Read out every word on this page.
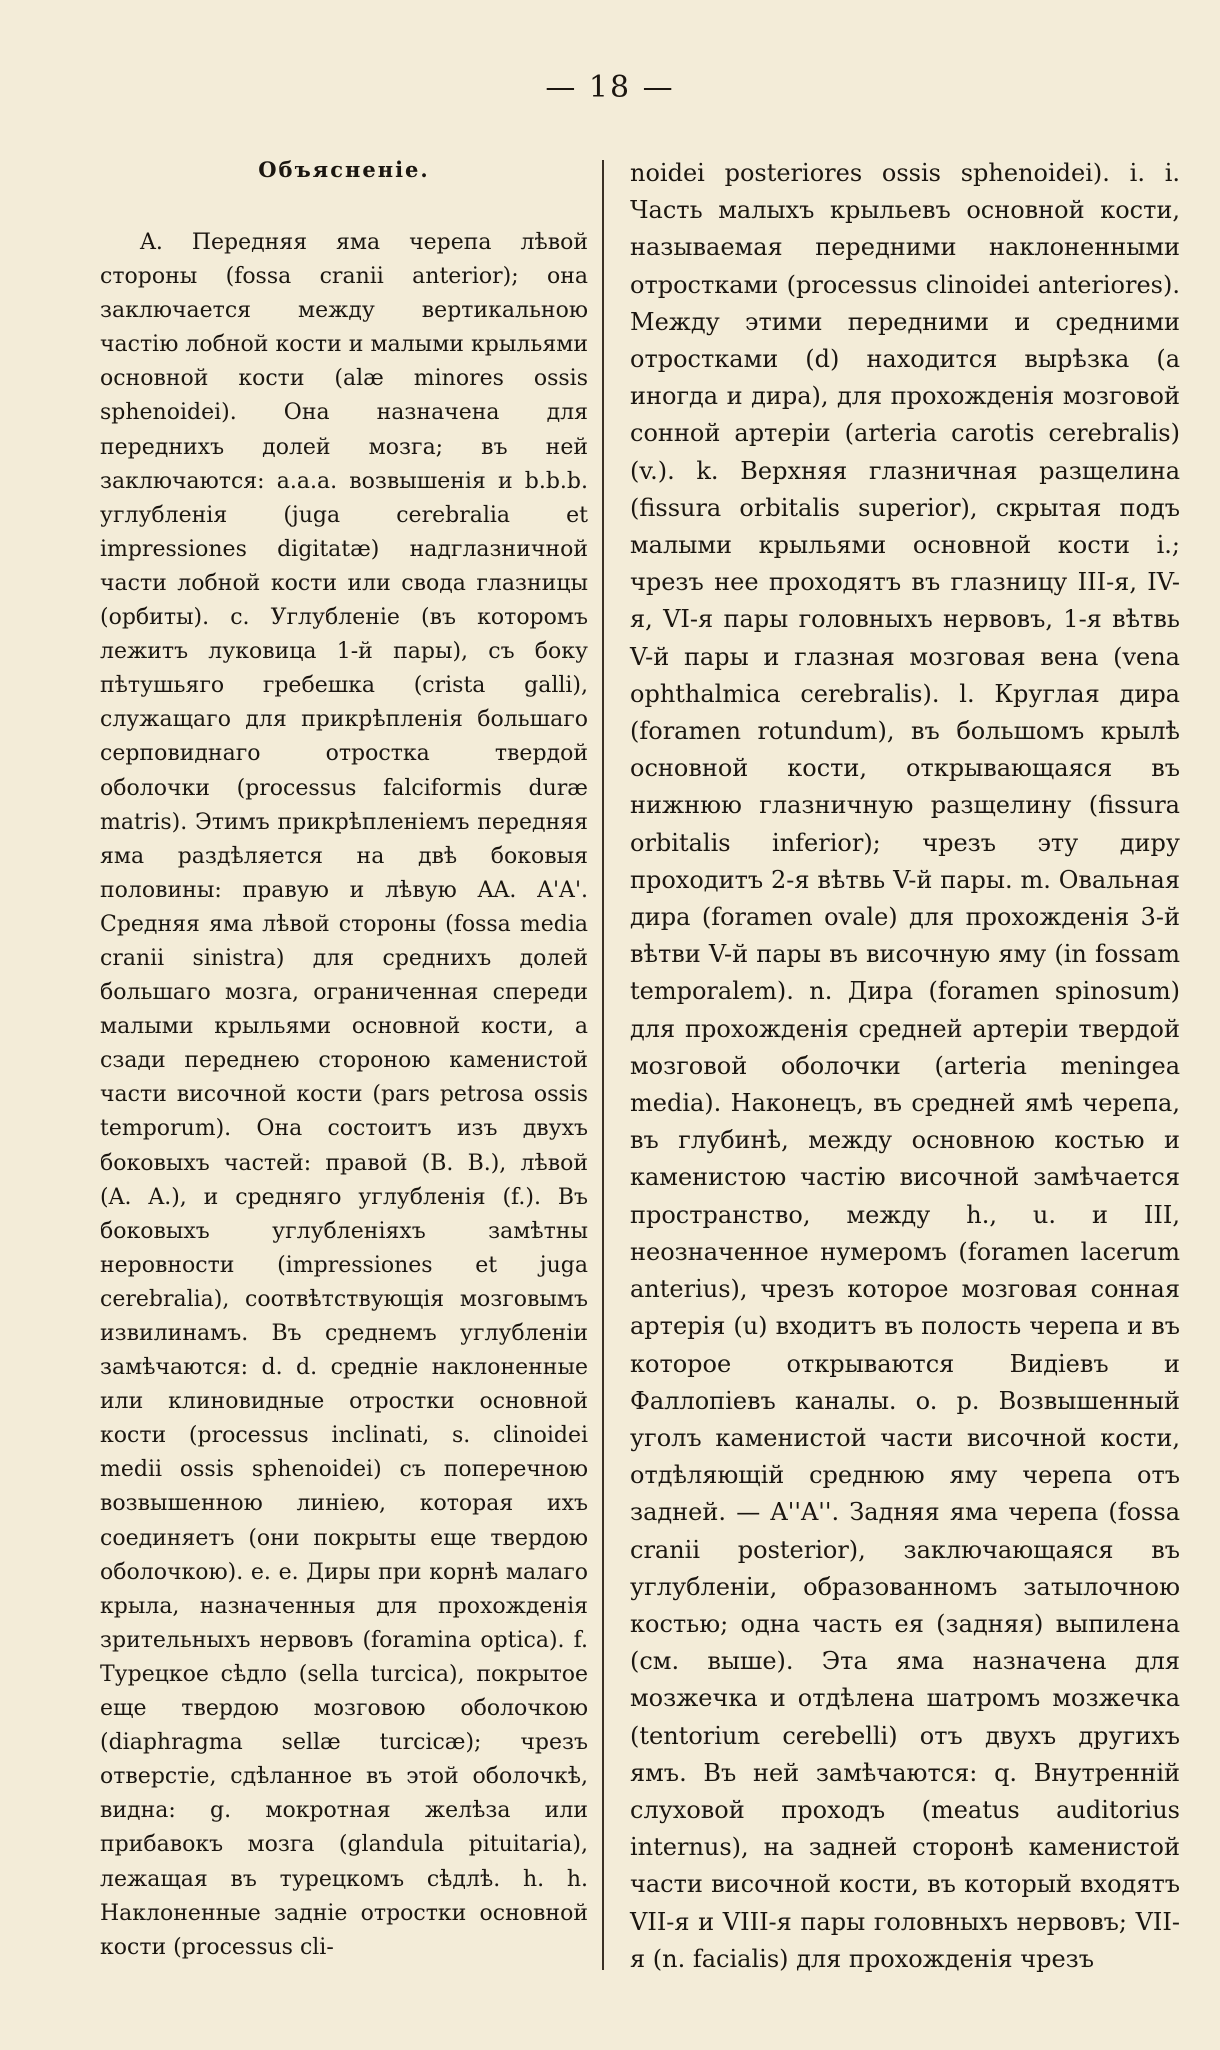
— 18 —
Объясненіе.

A. Передняя яма черепа лѣвой стороны (fossa cranii anterior); она заключается между вертикальною частію лобной кости и малыми крыльями основной кости (alæ minores ossis sphenoidei). Она назначена для переднихъ долей мозга; въ ней заключаются: a.a.a. возвышенія и b.b.b. углубленія (juga cerebralia et impressiones digitatæ) надглазничной части лобной кости или свода глазницы (орбиты). c. Углубленіе (въ которомъ лежитъ луковица 1-й пары), съ боку пѣтушьяго гребешка (crista galli), служащаго для прикрѣпленія большаго серповиднаго отростка твердой оболочки (processus falciformis duræ matris). Этимъ прикрѣпленіемъ передняя яма раздѣляется на двѣ боковыя половины: правую и лѣвую AA. A'A'. Средняя яма лѣвой стороны (fossa media cranii sinistra) для среднихъ долей большаго мозга, ограниченная спереди малыми крыльями основной кости, а сзади переднею стороною каменистой части височной кости (pars petrosa ossis temporum). Она состоитъ изъ двухъ боковыхъ частей: правой (B. B.), лѣвой (A. A.), и средняго углубленія (f.). Въ боковыхъ углубленіяхъ замѣтны неровности (impressiones et juga cerebralia), соотвѣтствующія мозговымъ извилинамъ. Въ среднемъ углубленіи замѣчаются: d. d. средніе наклоненные или клиновидные отростки основной кости (processus inclinati, s. clinoidei medii ossis sphenoidei) съ поперечною возвышенною линіею, которая ихъ соединяетъ (они покрыты еще твердою оболочкою). e. e. Диры при корнѣ малаго крыла, назначенныя для прохожденія зрительныхъ нервовъ (foramina optica). f. Турецкое сѣдло (sella turcica), покрытое еще твердою мозговою оболочкою (diaphragma sellæ turcicæ); чрезъ отверстіе, сдѣланное въ этой оболочкѣ, видна: g. мокротная желѣза или прибавокъ мозга (glandula pituitaria), лежащая въ турецкомъ сѣдлѣ. h. h. Наклоненные задніе отростки основной кости (processus cli-

noidei posteriores ossis sphenoidei). i. i. Часть малыхъ крыльевъ основной кости, называемая передними наклоненными отростками (processus clinoidei anteriores). Между этими передними и средними отростками (d) находится вырѣзка (а иногда и дира), для прохожденія мозговой сонной артеріи (arteria carotis cerebralis) (v.). k. Верхняя глазничная разщелина (fissura orbitalis superior), скрытая подъ малыми крыльями основной кости i.; чрезъ нее проходятъ въ глазницу III-я, IV-я, VI-я пары головныхъ нервовъ, 1-я вѣтвь V-й пары и глазная мозговая вена (vena ophthalmica cerebralis). l. Круглая дира (foramen rotundum), въ большомъ крылѣ основной кости, открывающаяся въ нижнюю глазничную разщелину (fissura orbitalis inferior); чрезъ эту диру проходитъ 2-я вѣтвь V-й пары. m. Овальная дира (foramen ovale) для прохожденія 3-й вѣтви V-й пары въ височную яму (in fossam temporalem). n. Дира (foramen spinosum) для прохожденія средней артеріи твердой мозговой оболочки (arteria meningea media). Наконецъ, въ средней ямѣ черепа, въ глубинѣ, между основною костью и каменистою частію височной замѣчается пространство, между h., u. и III, неозначенное нумеромъ (foramen lacerum anterius), чрезъ которое мозговая сонная артерія (u) входитъ въ полость черепа и въ которое открываются Видіевъ и Фаллопіевъ каналы. o. p. Возвышенный уголъ каменистой части височной кости, отдѣляющій среднюю яму черепа отъ задней. — A''A''. Задняя яма черепа (fossa cranii posterior), заключающаяся въ углубленіи, образованномъ затылочною костью; одна часть ея (задняя) выпилена (см. выше). Эта яма назначена для мозжечка и отдѣлена шатромъ мозжечка (tentorium cerebelli) отъ двухъ другихъ ямъ. Въ ней замѣчаются: q. Внутренній слуховой проходъ (meatus auditorius internus), на задней сторонѣ каменистой части височной кости, въ который входятъ VII-я и VIII-я пары головныхъ нервовъ; VII-я (n. facialis) для прохожденія чрезъ
